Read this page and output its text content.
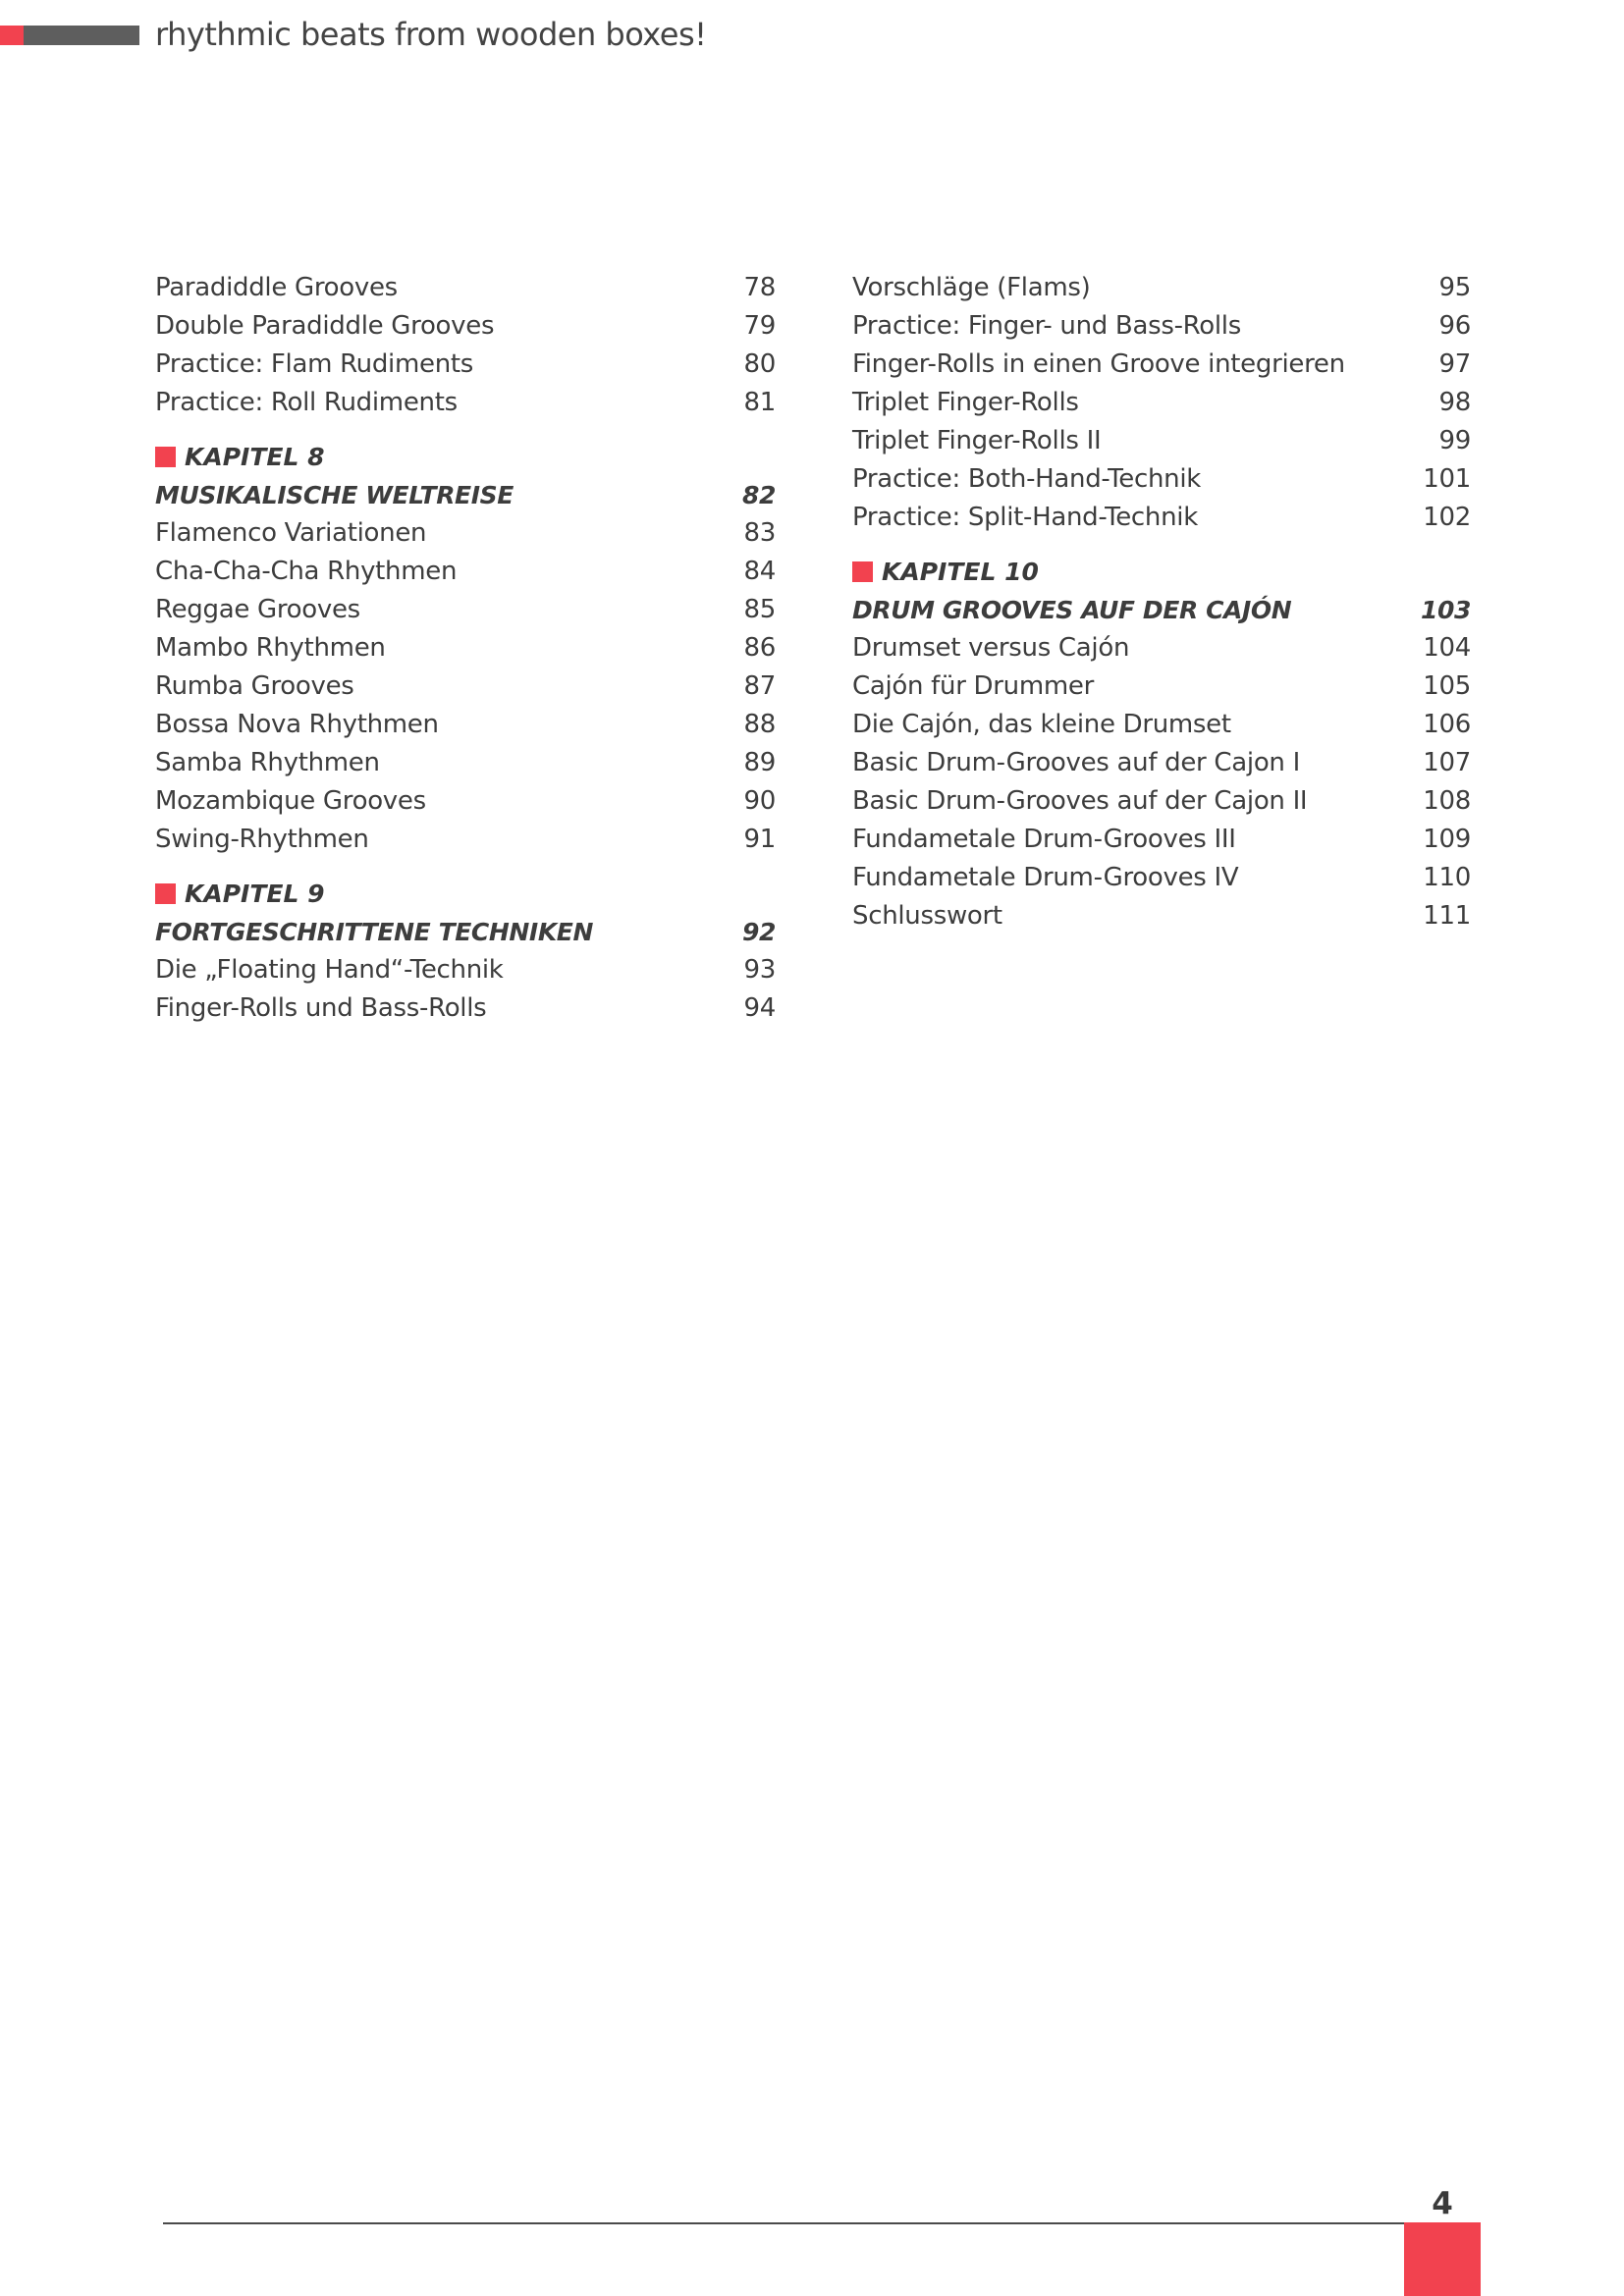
rhythmic beats from wooden boxes!
Paradiddle Grooves	78
Double Paradiddle Grooves	79
Practice: Flam Rudiments	80
Practice: Roll Rudiments	81
KAPITEL 8
MUSIKALISCHE WELTREISE	82
Flamenco Variationen	83
Cha-Cha-Cha Rhythmen	84
Reggae Grooves	85
Mambo Rhythmen	86
Rumba Grooves	87
Bossa Nova Rhythmen	88
Samba Rhythmen	89
Mozambique Grooves	90
Swing-Rhythmen	91
KAPITEL 9
FORTGESCHRITTENE TECHNIKEN	92
Die „Floating Hand“-Technik	93
Finger-Rolls und Bass-Rolls	94
Vorschläge (Flams)	95
Practice: Finger- und Bass-Rolls	96
Finger-Rolls in einen Groove integrieren	97
Triplet Finger-Rolls	98
Triplet Finger-Rolls II	99
Practice: Both-Hand-Technik	101
Practice: Split-Hand-Technik	102
KAPITEL 10
DRUM GROOVES AUF DER CAJÓN	103
Drumset versus Cajón	104
Cajón für Drummer	105
Die Cajón, das kleine Drumset	106
Basic Drum-Grooves auf der Cajon I	107
Basic Drum-Grooves auf der Cajon II	108
Fundametale Drum-Grooves III	109
Fundametale Drum-Grooves IV	110
Schlusswort	111
4
